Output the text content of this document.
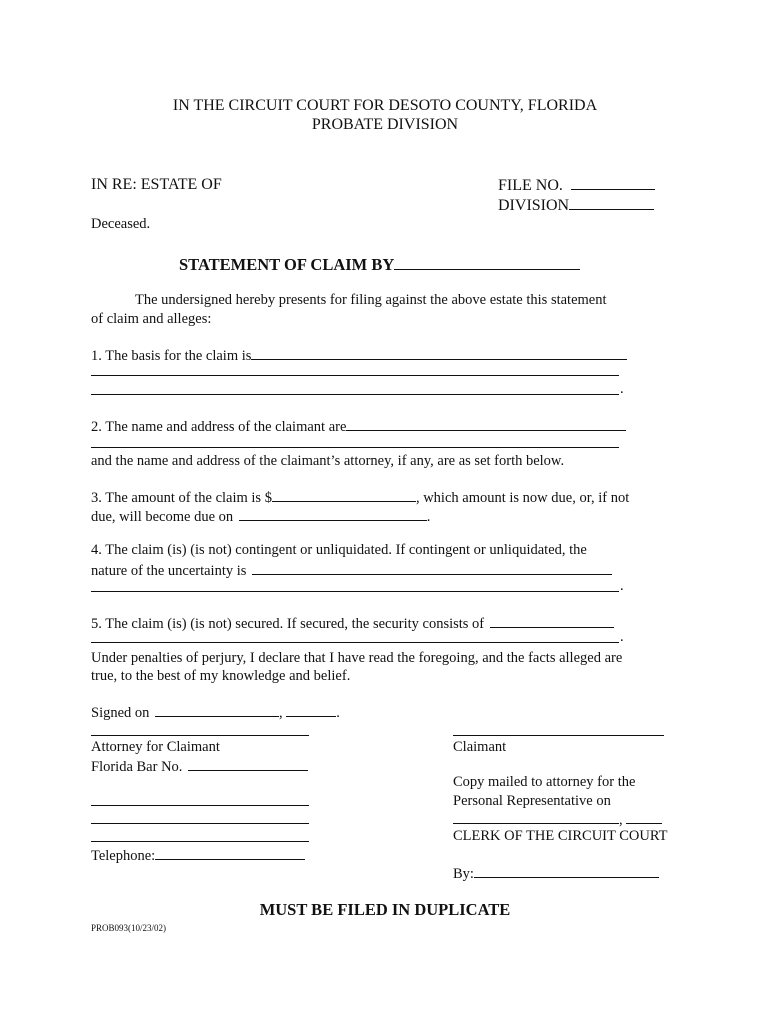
IN THE CIRCUIT COURT FOR DESOTO COUNTY, FLORIDA
PROBATE DIVISION
IN RE: ESTATE OF	FILE NO.
DIVISION
Deceased.
STATEMENT OF CLAIM BY
The undersigned hereby presents for filing against the above estate this statement
of claim and alleges:
1. The basis for the claim is
.
2. The name and address of the claimant are
and the name and address of the claimant’s attorney, if any, are as set forth below.
3. The amount of the claim is $	, which amount is now due, or, if not
due, will become due on	.
4. The claim (is) (is not) contingent or unliquidated. If contingent or unliquidated, the
nature of the uncertainty is
.
5. The claim (is) (is not) secured. If secured, the security consists of
.
Under penalties of perjury, I declare that I have read the foregoing, and the facts alleged are
true, to the best of my knowledge and belief.
Signed on	,	.
Attorney for Claimant
Florida Bar No.
Telephone:
Claimant
Copy mailed to attorney for the
Personal Representative on
,
CLERK OF THE CIRCUIT COURT
By:
MUST BE FILED IN DUPLICATE
PROB093(10/23/02)
